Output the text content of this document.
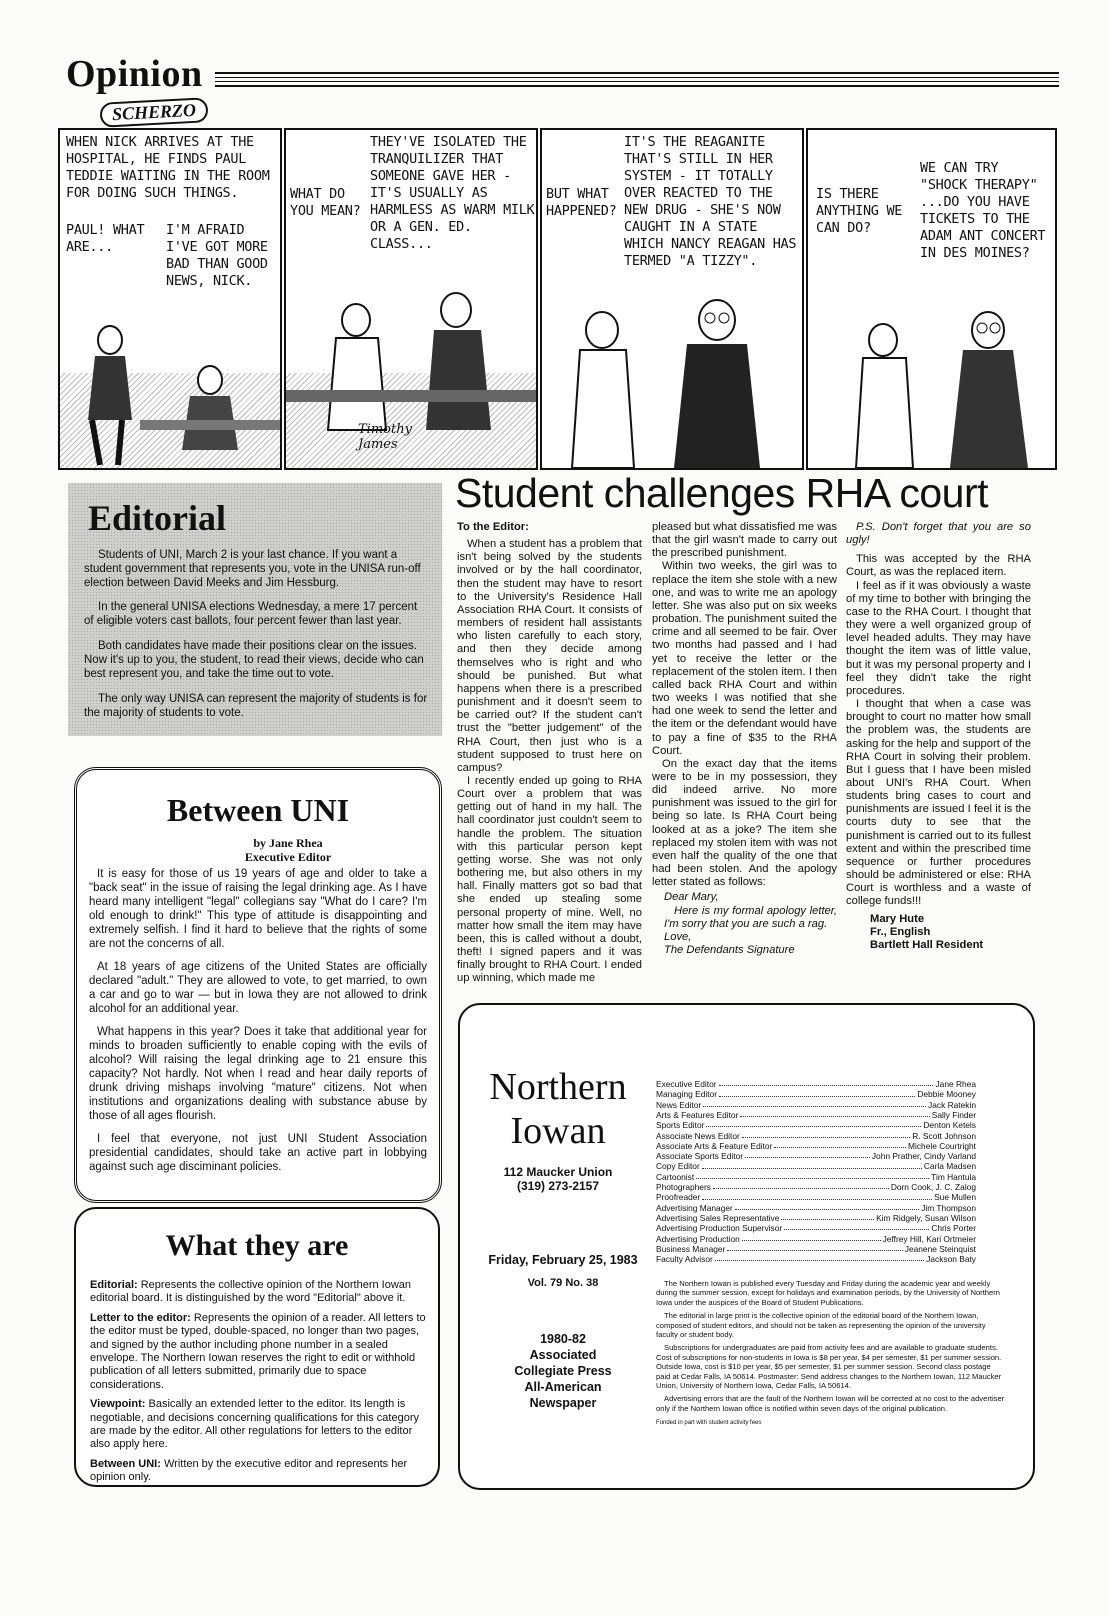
Opinion
SCHERZO
WHEN NICK ARRIVES AT THE HOSPITAL, HE FINDS PAUL TEDDIE WAITING IN THE ROOM FOR DOING SUCH THINGS.
PAUL! WHAT ARE...
I'M AFRAID I'VE GOT MORE BAD THAN GOOD NEWS, NICK.
THEY'VE ISOLATED THE TRANQUILIZER THAT SOMEONE GAVE HER - IT'S USUALLY AS HARMLESS AS WARM MILK OR A GEN. ED. CLASS...
WHAT DO YOU MEAN?
IT'S THE REAGANITE THAT'S STILL IN HER SYSTEM - IT TOTALLY OVER REACTED TO THE NEW DRUG - SHE'S NOW CAUGHT IN A STATE WHICH NANCY REAGAN HAS TERMED "A TIZZY".
BUT WHAT HAPPENED?
WE CAN TRY "SHOCK THERAPY" ...DO YOU HAVE TICKETS TO THE ADAM ANT CONCERT IN DES MOINES?
IS THERE ANYTHING WE CAN DO?
Timothy James
Editorial

Students of UNI, March 2 is your last chance. If you want a student government that represents you, vote in the UNISA run-off election between David Meeks and Jim Hessburg.

In the general UNISA elections Wednesday, a mere 17 percent of eligible voters cast ballots, four percent fewer than last year.

Both candidates have made their positions clear on the issues. Now it's up to you, the student, to read their views, decide who can best represent you, and take the time out to vote.

The only way UNISA can represent the majority of students is for the majority of students to vote.

Student challenges RHA court

To the Editor:

When a student has a problem that isn't being solved by the students involved or by the hall coordinator, then the student may have to resort to the University's Residence Hall Association RHA Court. It consists of members of resident hall assistants who listen carefully to each story, and then they decide among themselves who is right and who should be punished. But what happens when there is a prescribed punishment and it doesn't seem to be carried out? If the student can't trust the "better judgement" of the RHA Court, then just who is a student supposed to trust here on campus?

I recently ended up going to RHA Court over a problem that was getting out of hand in my hall. The hall coordinator just couldn't seem to handle the problem. The situation with this particular person kept getting worse. She was not only bothering me, but also others in my hall. Finally matters got so bad that she ended up stealing some personal property of mine. Well, no matter how small the item may have been, this is called without a doubt, theft! I signed papers and it was finally brought to RHA Court. I ended up winning, which made me

pleased but what dissatisfied me was that the girl wasn't made to carry out the prescribed punishment.

Within two weeks, the girl was to replace the item she stole with a new one, and was to write me an apology letter. She was also put on six weeks probation. The punishment suited the crime and all seemed to be fair. Over two months had passed and I had yet to receive the letter or the replacement of the stolen item. I then called back RHA Court and within two weeks I was notified that she had one week to send the letter and the item or the defendant would have to pay a fine of $35 to the RHA Court.

On the exact day that the items were to be in my possession, they did indeed arrive. No more punishment was issued to the girl for being so late. Is RHA Court being looked at as a joke? The item she replaced my stolen item with was not even half the quality of the one that had been stolen. And the apology letter stated as follows:

Dear Mary,
Here is my formal apology letter, I'm sorry that you are such a rag.
Love,
The Defendants Signature

P.S. Don't forget that you are so ugly!

This was accepted by the RHA Court, as was the replaced item.

I feel as if it was obviously a waste of my time to bother with bringing the case to the RHA Court. I thought that they were a well organized group of level headed adults. They may have thought the item was of little value, but it was my personal property and I feel they didn't take the right procedures.

I thought that when a case was brought to court no matter how small the problem was, the students are asking for the help and support of the RHA Court in solving their problem. But I guess that I have been misled about UNI's RHA Court. When students bring cases to court and punishments are issued I feel it is the courts duty to see that the punishment is carried out to its fullest extent and within the prescribed time sequence or further procedures should be administered or else: RHA Court is worthless and a waste of college funds!!!

Mary Hute
Fr., English
Bartlett Hall Resident
Between UNI
by Jane Rhea
Executive Editor

It is easy for those of us 19 years of age and older to take a "back seat" in the issue of raising the legal drinking age. As I have heard many intelligent "legal" collegians say "What do I care? I'm old enough to drink!" This type of attitude is disappointing and extremely selfish. I find it hard to believe that the rights of some are not the concerns of all.

At 18 years of age citizens of the United States are officially declared "adult." They are allowed to vote, to get married, to own a car and go to war — but in Iowa they are not allowed to drink alcohol for an additional year.

What happens in this year? Does it take that additional year for minds to broaden sufficiently to enable coping with the evils of alcohol? Will raising the legal drinking age to 21 ensure this capacity? Not hardly. Not when I read and hear daily reports of drunk driving mishaps involving "mature" citizens. Not when institutions and organizations dealing with substance abuse by those of all ages flourish.

I feel that everyone, not just UNI Student Association presidential candidates, should take an active part in lobbying against such age disciminant policies.

What they are

Editorial: Represents the collective opinion of the Northern Iowan editorial board. It is distinguished by the word "Editorial" above it.

Letter to the editor: Represents the opinion of a reader. All letters to the editor must be typed, double-spaced, no longer than two pages, and signed by the author including phone number in a sealed envelope. The Northern Iowan reserves the right to edit or withhold publication of all letters submitted, primarily due to space considerations.

Viewpoint: Basically an extended letter to the editor. Its length is negotiable, and decisions concerning qualifications for this category are made by the editor. All other regulations for letters to the editor also apply here.

Between UNI: Written by the executive editor and represents her opinion only.

Northern
Iowan
112 Maucker Union
(319) 273-2157
Friday, February 25, 1983
Vol. 79 No. 38
1980-82
Associated
Collegiate Press
All-American
Newspaper
Executive Editor	Jane Rhea
Managing Editor	Debbie Mooney
News Editor	Jack Ratekin
Arts & Features Editor	Sally Finder
Sports Editor	Denton Ketels
Associate News Editor	R. Scott Johnson
Associate Arts & Feature Editor	Michele Courtright
Associate Sports Editor	John Prather, Cindy Varland
Copy Editor	Carla Madsen
Cartoonist	Tim Hantula
Photographers	Dorn Cook, J. C. Zalog
Proofreader	Sue Mullen
Advertising Manager	Jim Thompson
Advertising Sales Representative	Kim Ridgely, Susan Wilson
Advertising Production Supervisor	Chris Porter
Advertising Production	Jeffrey Hill, Kari Ortmeier
Business Manager	Jeanene Steinquist
Faculty Advisor	Jackson Baty

The Northern Iowan is published every Tuesday and Friday during the academic year and weekly during the summer session, except for holidays and examination periods, by the University of Northern Iowa under the auspices of the Board of Student Publications.

The editorial in large print is the collective opinion of the editorial board of the Northern Iowan, composed of student editors, and should not be taken as representing the opinion of the university faculty or student body.

Subscriptions for undergraduates are paid from activity fees and are available to graduate students. Cost of subscriptions for non-students in Iowa is $8 per year, $4 per semester, $1 per summer session. Outside Iowa, cost is $10 per year, $5 per semester, $1 per summer session. Second class postage paid at Cedar Falls, IA 50614. Postmaster: Send address changes to the Northern Iowan, 112 Maucker Union, University of Northern Iowa, Cedar Falls, IA 50614.

Advertising errors that are the fault of the Northern Iowan will be corrected at no cost to the advertiser only if the Northern Iowan office is notified within seven days of the original publication.

Funded in part with student activity fees
